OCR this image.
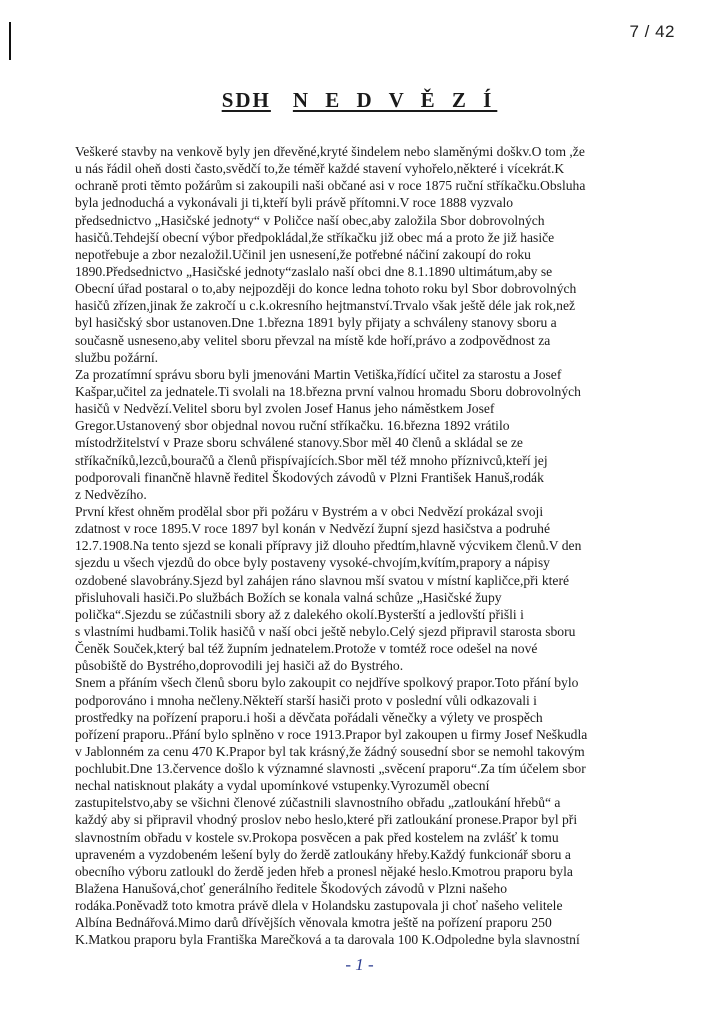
7 / 42
SDH N E D V Ě Z Í
Veškeré stavby na venkově byly jen dřevěné,kryté šindelem nebo slaměnými doškv.O tom ,že
u nás řádil oheň dosti často,svědčí to,že téměř každé stavení vyhořelo,některé i vícekrát.K
ochraně proti těmto požárům si zakoupili naši občané asi v roce 1875 ruční stříkačku.Obsluha
byla jednoduchá a vykonávali ji ti,kteří byli právě přítomni.V roce 1888 vyzvalo
předsednictvo „Hasičské jednoty“ v Poličce naší obec,aby založila Sbor dobrovolných
hasičů.Tehdejší obecní výbor předpokládal,že stříkačku již obec má a proto že již hasiče
nepotřebuje a zbor nezaložil.Učinil jen usnesení,že potřebné náčiní zakoupí do roku
1890.Předsednictvo „Hasičské jednoty“zaslalo naší obci dne 8.1.1890 ultimátum,aby se
Obecní úřad postaral o to,aby nejpozději do konce ledna tohoto roku byl Sbor dobrovolných
hasičů zřízen,jinak že zakročí u c.k.okresního hejtmanství.Trvalo však ještě déle jak rok,než
byl hasičský sbor ustanoven.Dne 1.března 1891 byly přijaty a schváleny stanovy sboru a
současně usneseno,aby velitel sboru převzal na místě kde hoří,právo a zodpovědnost za
službu požární.
Za prozatímní správu sboru byli jmenováni Martin Vetiška,řídící učitel za starostu a Josef
Kašpar,učitel za jednatele.Ti svolali na 18.března první valnou hromadu Sboru dobrovolných
hasičů v Nedvězí.Velitel sboru byl zvolen Josef Hanus jeho náměstkem Josef
Gregor.Ustanovený sbor objednal novou ruční stříkačku. 16.března 1892 vrátilo
místodržitelství v Praze sboru schválené stanovy.Sbor měl 40 členů a skládal se ze
stříkačníků,lezců,bouračů a členů přispívajících.Sbor měl též mnoho příznivců,kteří jej
podporovali finančně hlavně ředitel Škodových závodů v Plzni František Hanuš,rodák
z Nedvězího.
První křest ohněm prodělal sbor při požáru v Bystrém a v obci Nedvězí prokázal svoji
zdatnost v roce 1895.V roce 1897 byl konán v Nedvězí župní sjezd hasičstva a podruhé
12.7.1908.Na tento sjezd se konali přípravy již dlouho předtím,hlavně výcvikem členů.V den
sjezdu u všech vjezdů do obce byly postaveny vysoké-chvojím,kvítím,prapory a nápisy
ozdobené slavobrány.Sjezd byl zahájen ráno slavnou mší svatou v místní kapličce,při které
přisluhovali hasiči.Po službách Božích se konala valná schůze „Hasičské župy
polička“.Sjezdu se zúčastnili sbory až z dalekého okolí.Bysterští a jedlovští přišli i
s vlastními hudbami.Tolik hasičů v naší obci ještě nebylo.Celý sjezd připravil starosta sboru
Čeněk Souček,který bal též župním jednatelem.Protože v tomtéž roce odešel na nové
působiště do Bystrého,doprovodili jej hasiči až do Bystrého.
Snem a přáním všech členů sboru bylo zakoupit co nejdříve spolkový prapor.Toto přání bylo
podporováno i mnoha nečleny.Někteří starší hasiči proto v poslední vůli odkazovali i
prostředky na pořízení praporu.i hoši a děvčata pořádali věnečky a výlety ve prospěch
pořízení praporu..Přání bylo splněno v roce 1913.Prapor byl zakoupen u firmy Josef Neškudla
v Jablonném za cenu 470 K.Prapor byl tak krásný,že žádný sousední sbor se nemohl takovým
pochlubit.Dne 13.července došlo k významné slavnosti „svěcení praporu“.Za tím účelem sbor
nechal natisknout plakáty a vydal upomínkové vstupenky.Vyrozuměl obecní
zastupitelstvo,aby se všichni členové zúčastnili slavnostního obřadu „zatloukání hřebů“ a
každý aby si připravil vhodný proslov nebo heslo,které při zatloukání pronese.Prapor byl při
slavnostním obřadu v kostele sv.Prokopa posvěcen a pak před kostelem na zvlášť k tomu
upraveném a vyzdobeném lešení byly do žerdě zatloukány hřeby.Každý funkcionář sboru a
obecního výboru zatloukl do žerdě jeden hřeb a pronesl nějaké heslo.Kmotrou praporu byla
Blažena Hanušová,choť generálního ředitele Škodových závodů v Plzni našeho
rodáka.Poněvadž toto kmotra právě dlela v Holandsku zastupovala ji choť našeho velitele
Albína Bednářová.Mimo darů dřívějších věnovala kmotra ještě na pořízení praporu 250
K.Matkou praporu byla Františka Marečková a ta darovala 100 K.Odpoledne byla slavnostní
- 1 -
